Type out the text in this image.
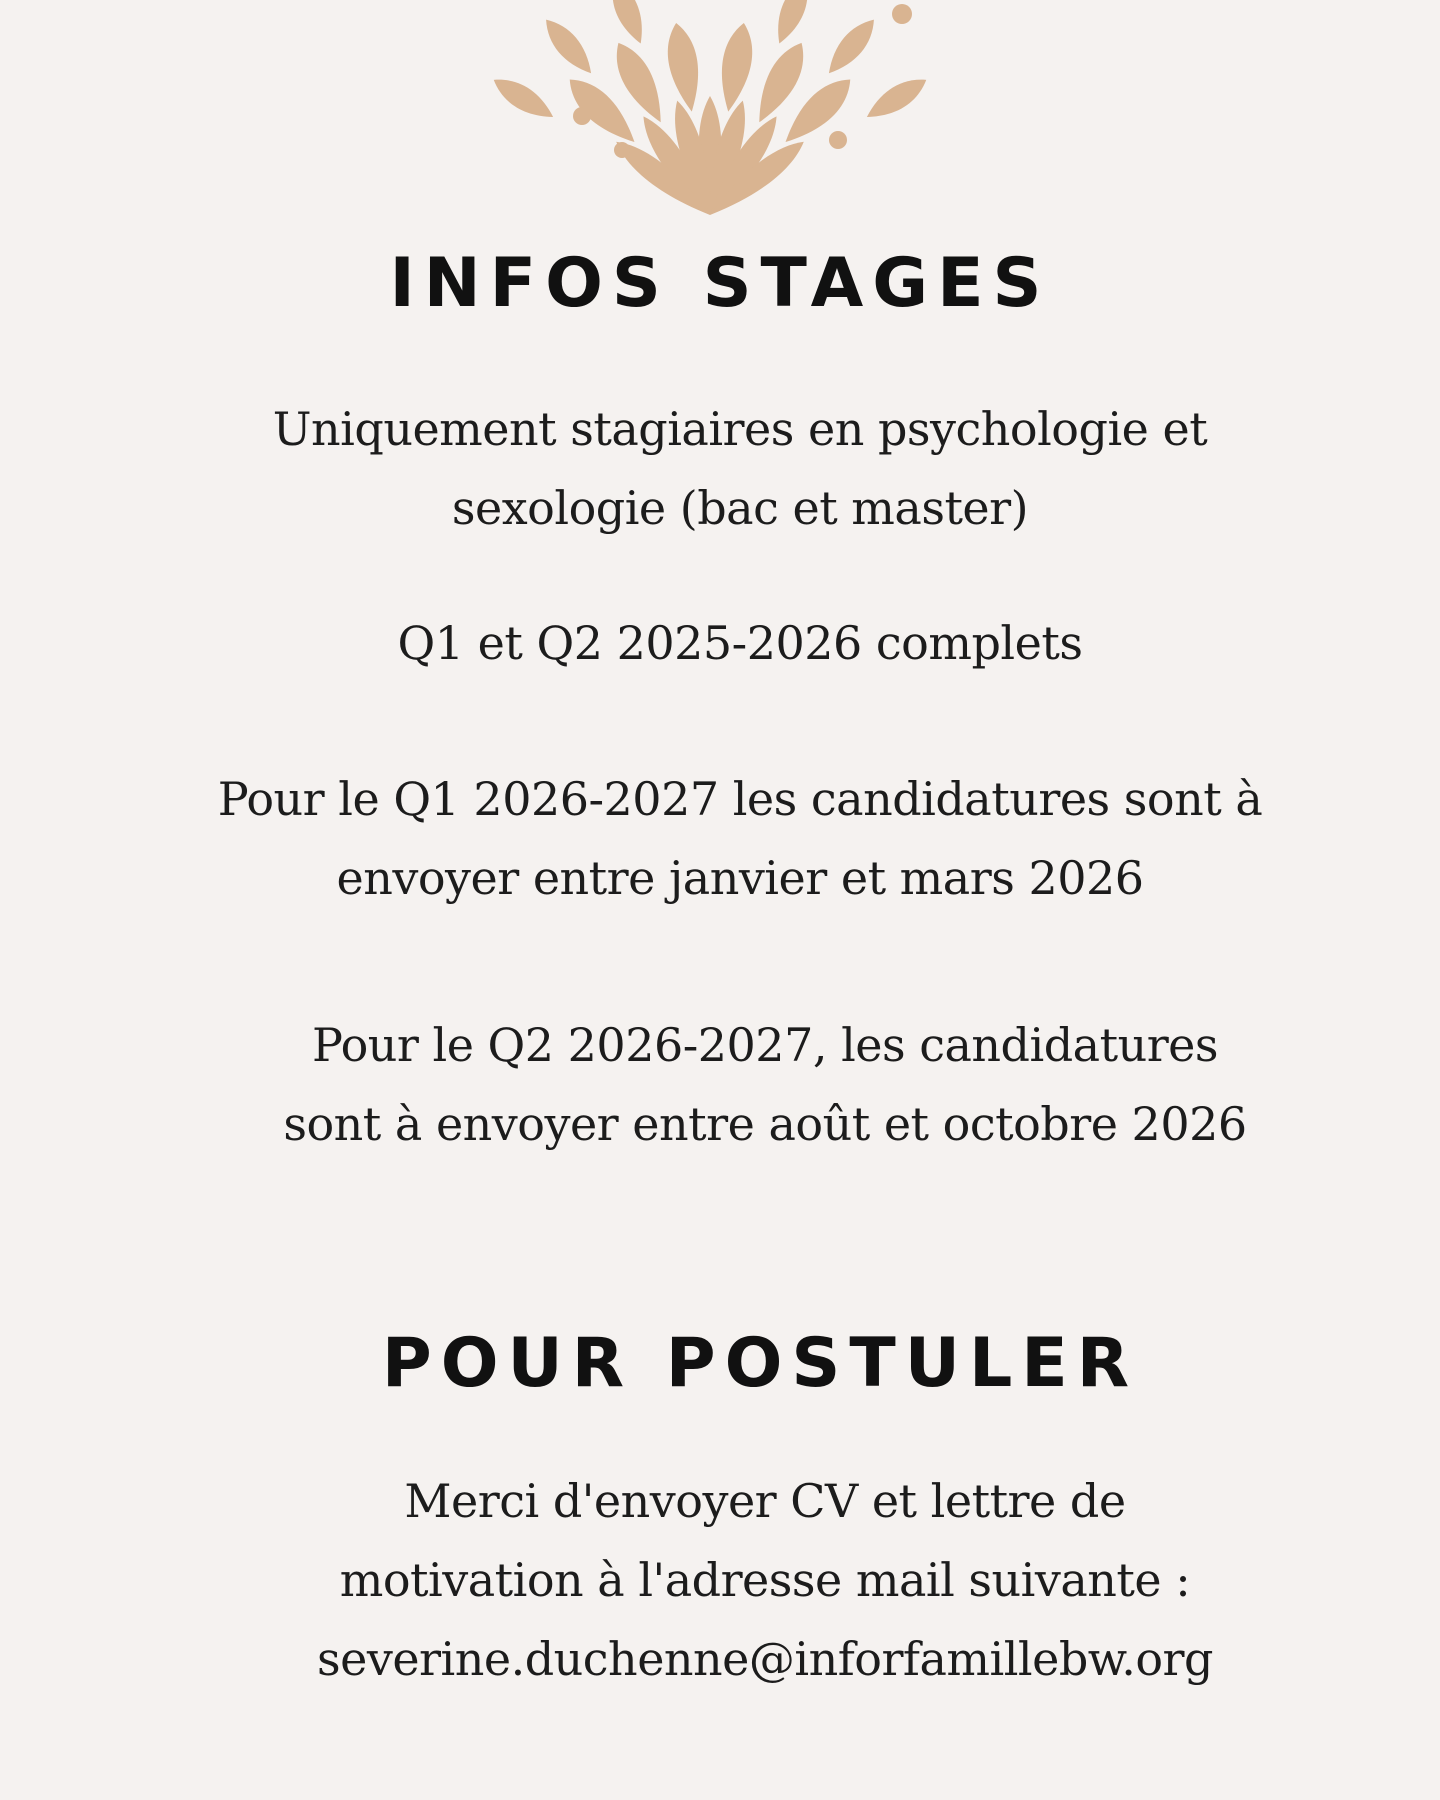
INFOS STAGES

Uniquement stagiaires en psychologie et sexologie (bac et master)

Q1 et Q2 2025-2026 complets

Pour le Q1 2026-2027 les candidatures sont à envoyer entre janvier et mars 2026

Pour le Q2 2026-2027, les candidatures sont à envoyer entre août et octobre 2026

POUR POSTULER

Merci d'envoyer CV et lettre de motivation à l'adresse mail suivante :

severine.duchenne@inforfamillebw.org
